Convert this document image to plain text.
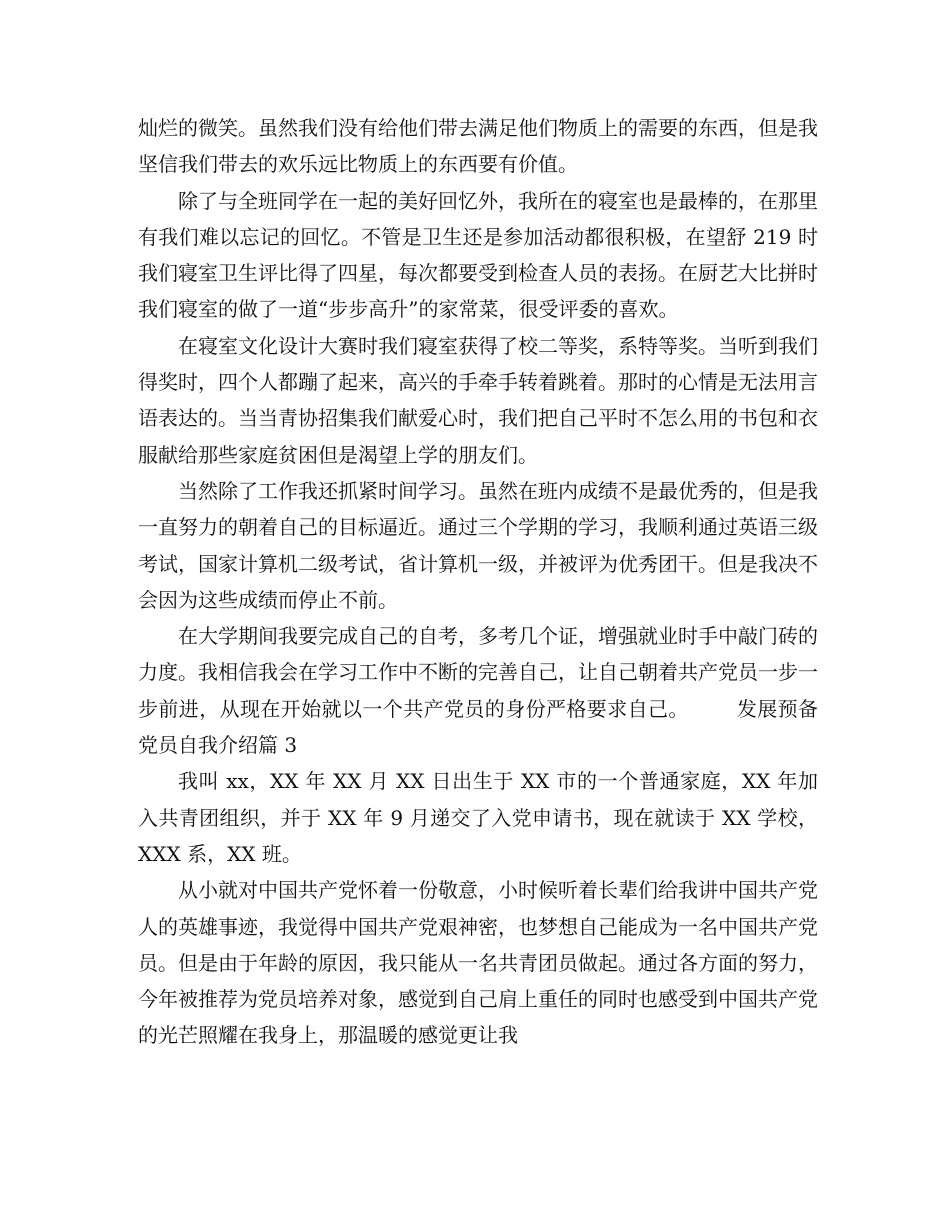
灿烂的微笑。虽然我们没有给他们带去满足他们物质上的需要的东西，但是我坚信我们带去的欢乐远比物质上的东西要有价值。

除了与全班同学在一起的美好回忆外，我所在的寝室也是最棒的，在那里有我们难以忘记的回忆。不管是卫生还是参加活动都很积极，在望舒 219 时我们寝室卫生评比得了四星，每次都要受到检查人员的表扬。在厨艺大比拼时我们寝室的做了一道“步步高升”的家常菜，很受评委的喜欢。

在寝室文化设计大赛时我们寝室获得了校二等奖，系特等奖。当听到我们得奖时，四个人都蹦了起来，高兴的手牵手转着跳着。那时的心情是无法用言语表达的。当当青协招集我们献爱心时，我们把自己平时不怎么用的书包和衣服献给那些家庭贫困但是渴望上学的朋友们。

当然除了工作我还抓紧时间学习。虽然在班内成绩不是最优秀的，但是我一直努力的朝着自己的目标逼近。通过三个学期的学习，我顺利通过英语三级考试，国家计算机二级考试，省计算机一级，并被评为优秀团干。但是我决不会因为这些成绩而停止不前。

在大学期间我要完成自己的自考，多考几个证，增强就业时手中敲门砖的力度。我相信我会在学习工作中不断的完善自己，让自己朝着共产党员一步一步前进，从现在开始就以一个共产党员的身份严格要求自己。 发展预备党员自我介绍篇 3

我叫 xx，XX 年 XX 月 XX 日出生于 XX 市的一个普通家庭，XX 年加入共青团组织，并于 XX 年 9 月递交了入党申请书，现在就读于 XX 学校，XXX 系，XX 班。

从小就对中国共产党怀着一份敬意，小时候听着长辈们给我讲中国共产党人的英雄事迹，我觉得中国共产党艰神密，也梦想自己能成为一名中国共产党员。但是由于年龄的原因，我只能从一名共青团员做起。通过各方面的努力，今年被推荐为党员培养对象，感觉到自己肩上重任的同时也感受到中国共产党的光芒照耀在我身上，那温暖的感觉更让我
